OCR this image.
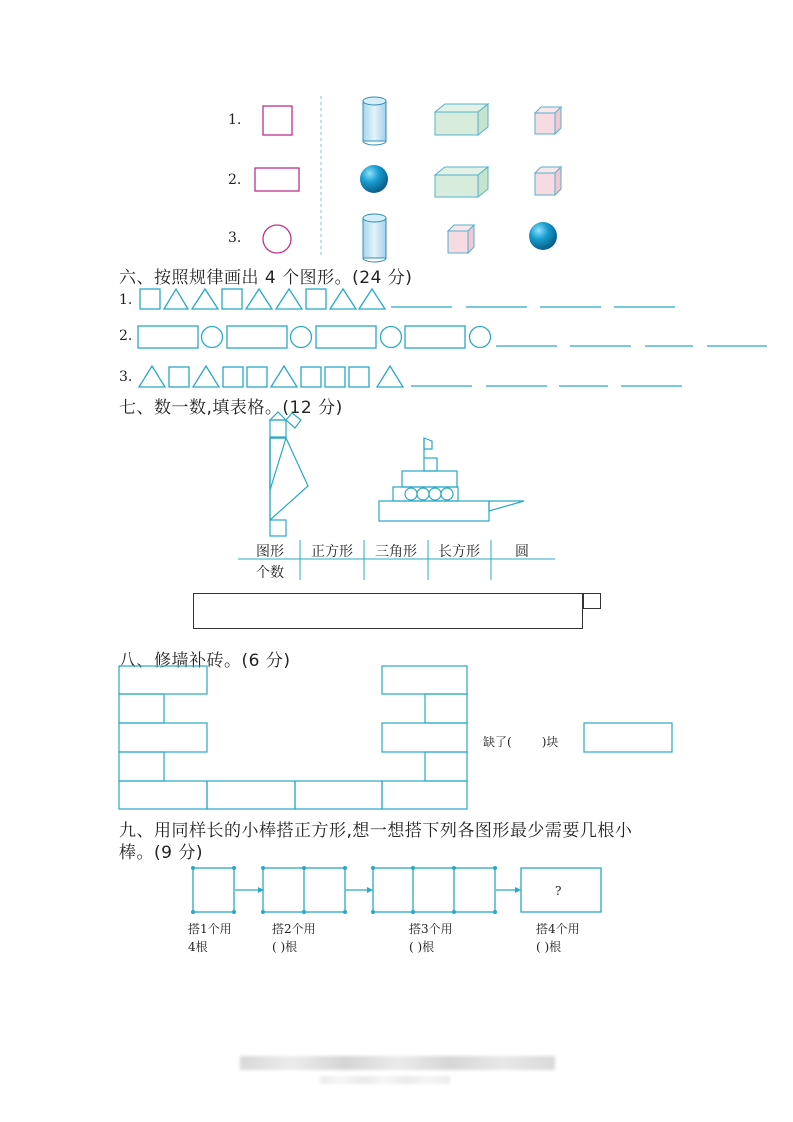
1.
2.
3.
六、按照规律画出 4 个图形。(24 分)
1.
2.
3.
七、数一数,填表格。(12 分)
图形	正方形	三角形	长方形	圆
个数
八、修墙补砖。(6 分)
缺了(	)块
九、用同样长的小棒搭正方形,想一想搭下列各图形最少需要几根小
棒。(9 分)
?
搭1个用
4根
搭2个用
( )根
搭3个用
( )根
搭4个用
( )根
